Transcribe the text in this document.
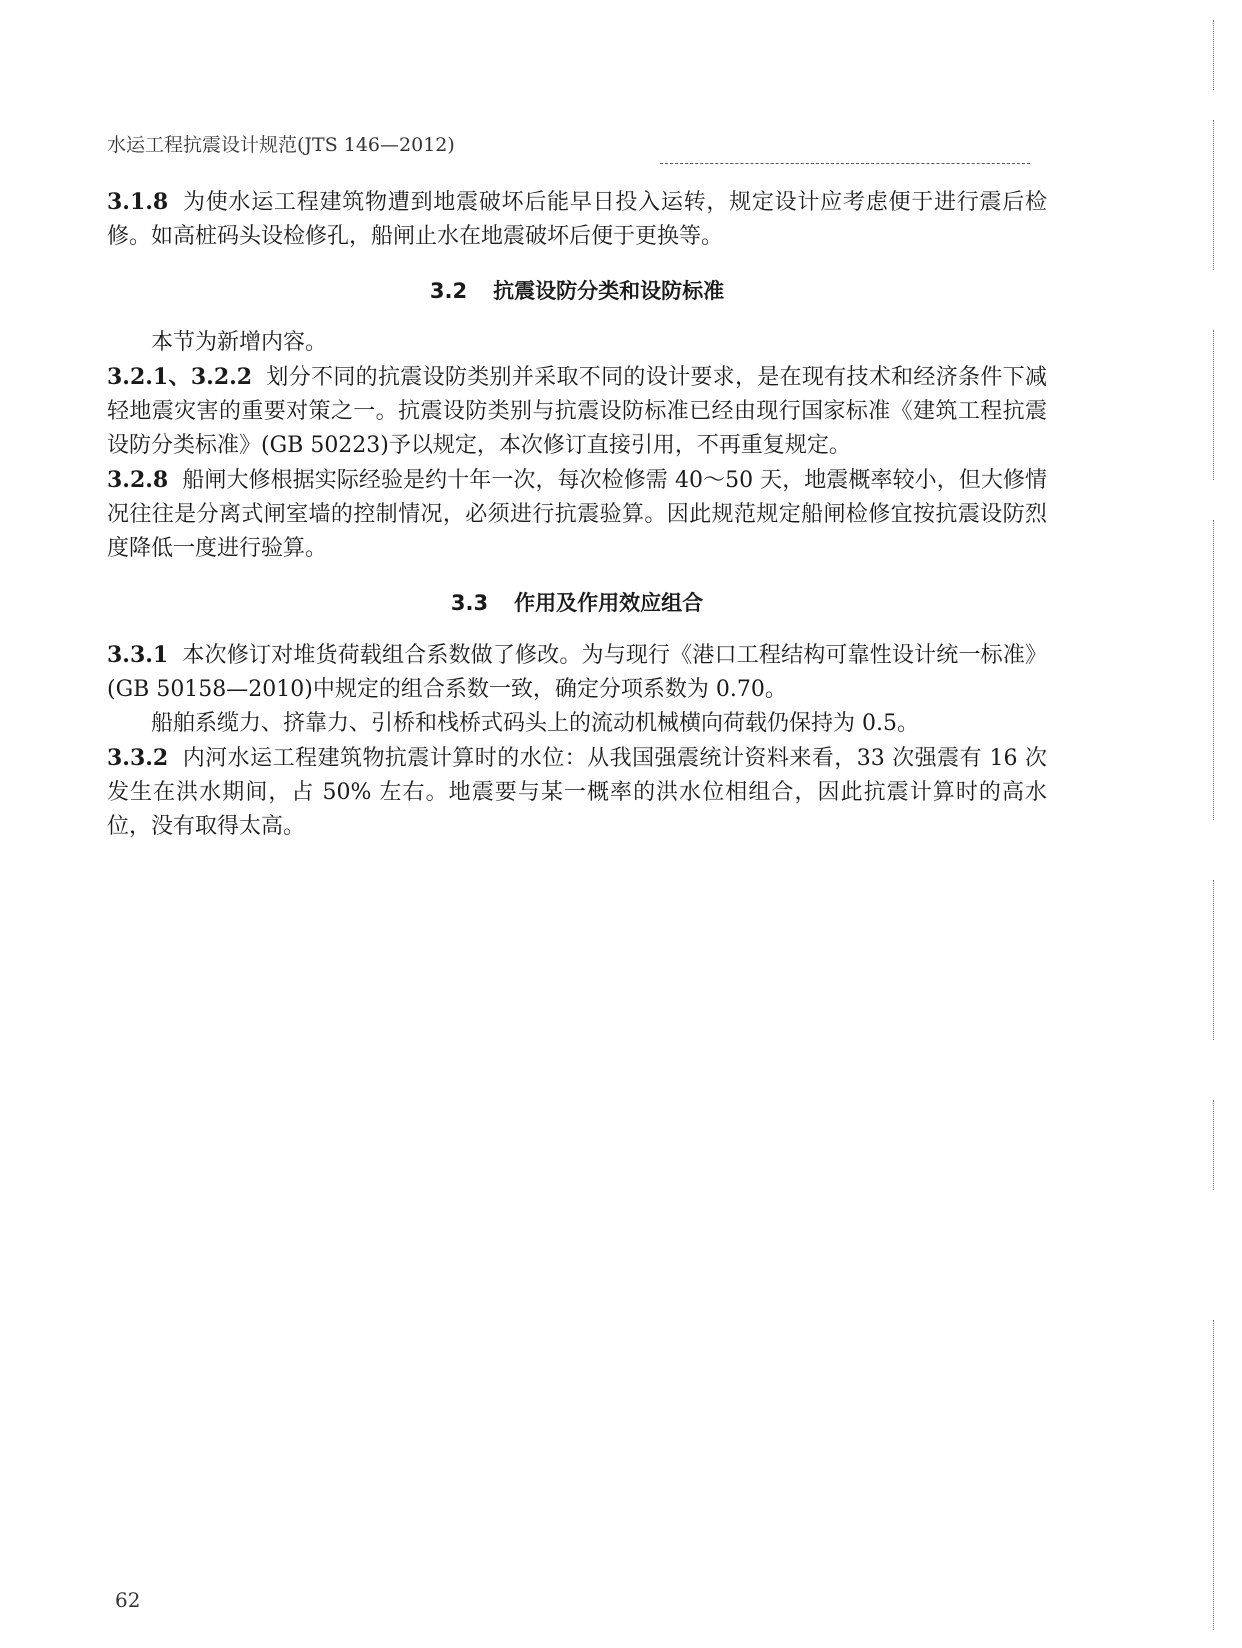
水运工程抗震设计规范(JTS 146—2012)

3.1.8 为使水运工程建筑物遭到地震破坏后能早日投入运转，规定设计应考虑便于进行震后检修。如高桩码头设检修孔，船闸止水在地震破坏后便于更换等。

3.2 抗震设防分类和设防标准

本节为新增内容。

3.2.1、3.2.2 划分不同的抗震设防类别并采取不同的设计要求，是在现有技术和经济条件下减轻地震灾害的重要对策之一。抗震设防类别与抗震设防标准已经由现行国家标准《建筑工程抗震设防分类标准》(GB 50223)予以规定，本次修订直接引用，不再重复规定。

3.2.8 船闸大修根据实际经验是约十年一次，每次检修需 40～50 天，地震概率较小，但大修情况往往是分离式闸室墙的控制情况，必须进行抗震验算。因此规范规定船闸检修宜按抗震设防烈度降低一度进行验算。

3.3 作用及作用效应组合

3.3.1 本次修订对堆货荷载组合系数做了修改。为与现行《港口工程结构可靠性设计统一标准》(GB 50158—2010)中规定的组合系数一致，确定分项系数为 0.70。

船舶系缆力、挤靠力、引桥和栈桥式码头上的流动机械横向荷载仍保持为 0.5。

3.3.2 内河水运工程建筑物抗震计算时的水位：从我国强震统计资料来看，33 次强震有 16 次发生在洪水期间，占 50% 左右。地震要与某一概率的洪水位相组合，因此抗震计算时的高水位，没有取得太高。

62
